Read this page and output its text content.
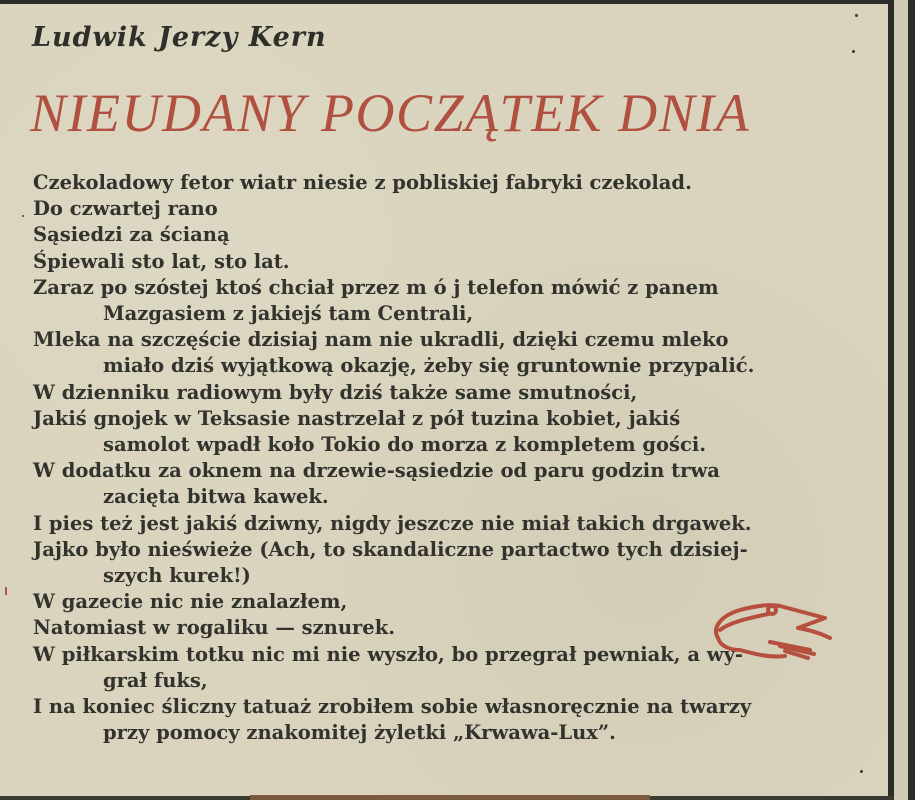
Ludwik Jerzy Kern
NIEUDANY POCZĄTEK DNIA
Czekoladowy fetor wiatr niesie z pobliskiej fabryki czekolad.
Do czwartej rano
Sąsiedzi za ścianą
Śpiewali sto lat, sto lat.
Zaraz po szóstej ktoś chciał przez m ó j telefon mówić z panem
Mazgasiem z jakiejś tam Centrali,
Mleka na szczęście dzisiaj nam nie ukradli, dzięki czemu mleko
miało dziś wyjątkową okazję, żeby się gruntownie przypalić.
W dzienniku radiowym były dziś także same smutności,
Jakiś gnojek w Teksasie nastrzelał z pół tuzina kobiet, jakiś
samolot wpadł koło Tokio do morza z kompletem gości.
W dodatku za oknem na drzewie-sąsiedzie od paru godzin trwa
zacięta bitwa kawek.
I pies też jest jakiś dziwny, nigdy jeszcze nie miał takich drgawek.
Jajko było nieświeże (Ach, to skandaliczne partactwo tych dzisiej-
szych kurek!)
W gazecie nic nie znalazłem,
Natomiast w rogaliku — sznurek.
W piłkarskim totku nic mi nie wyszło, bo przegrał pewniak, a wy-
grał fuks,
I na koniec śliczny tatuaż zrobiłem sobie własnoręcznie na twarzy
przy pomocy znakomitej żyletki „Krwawa-Lux”.
